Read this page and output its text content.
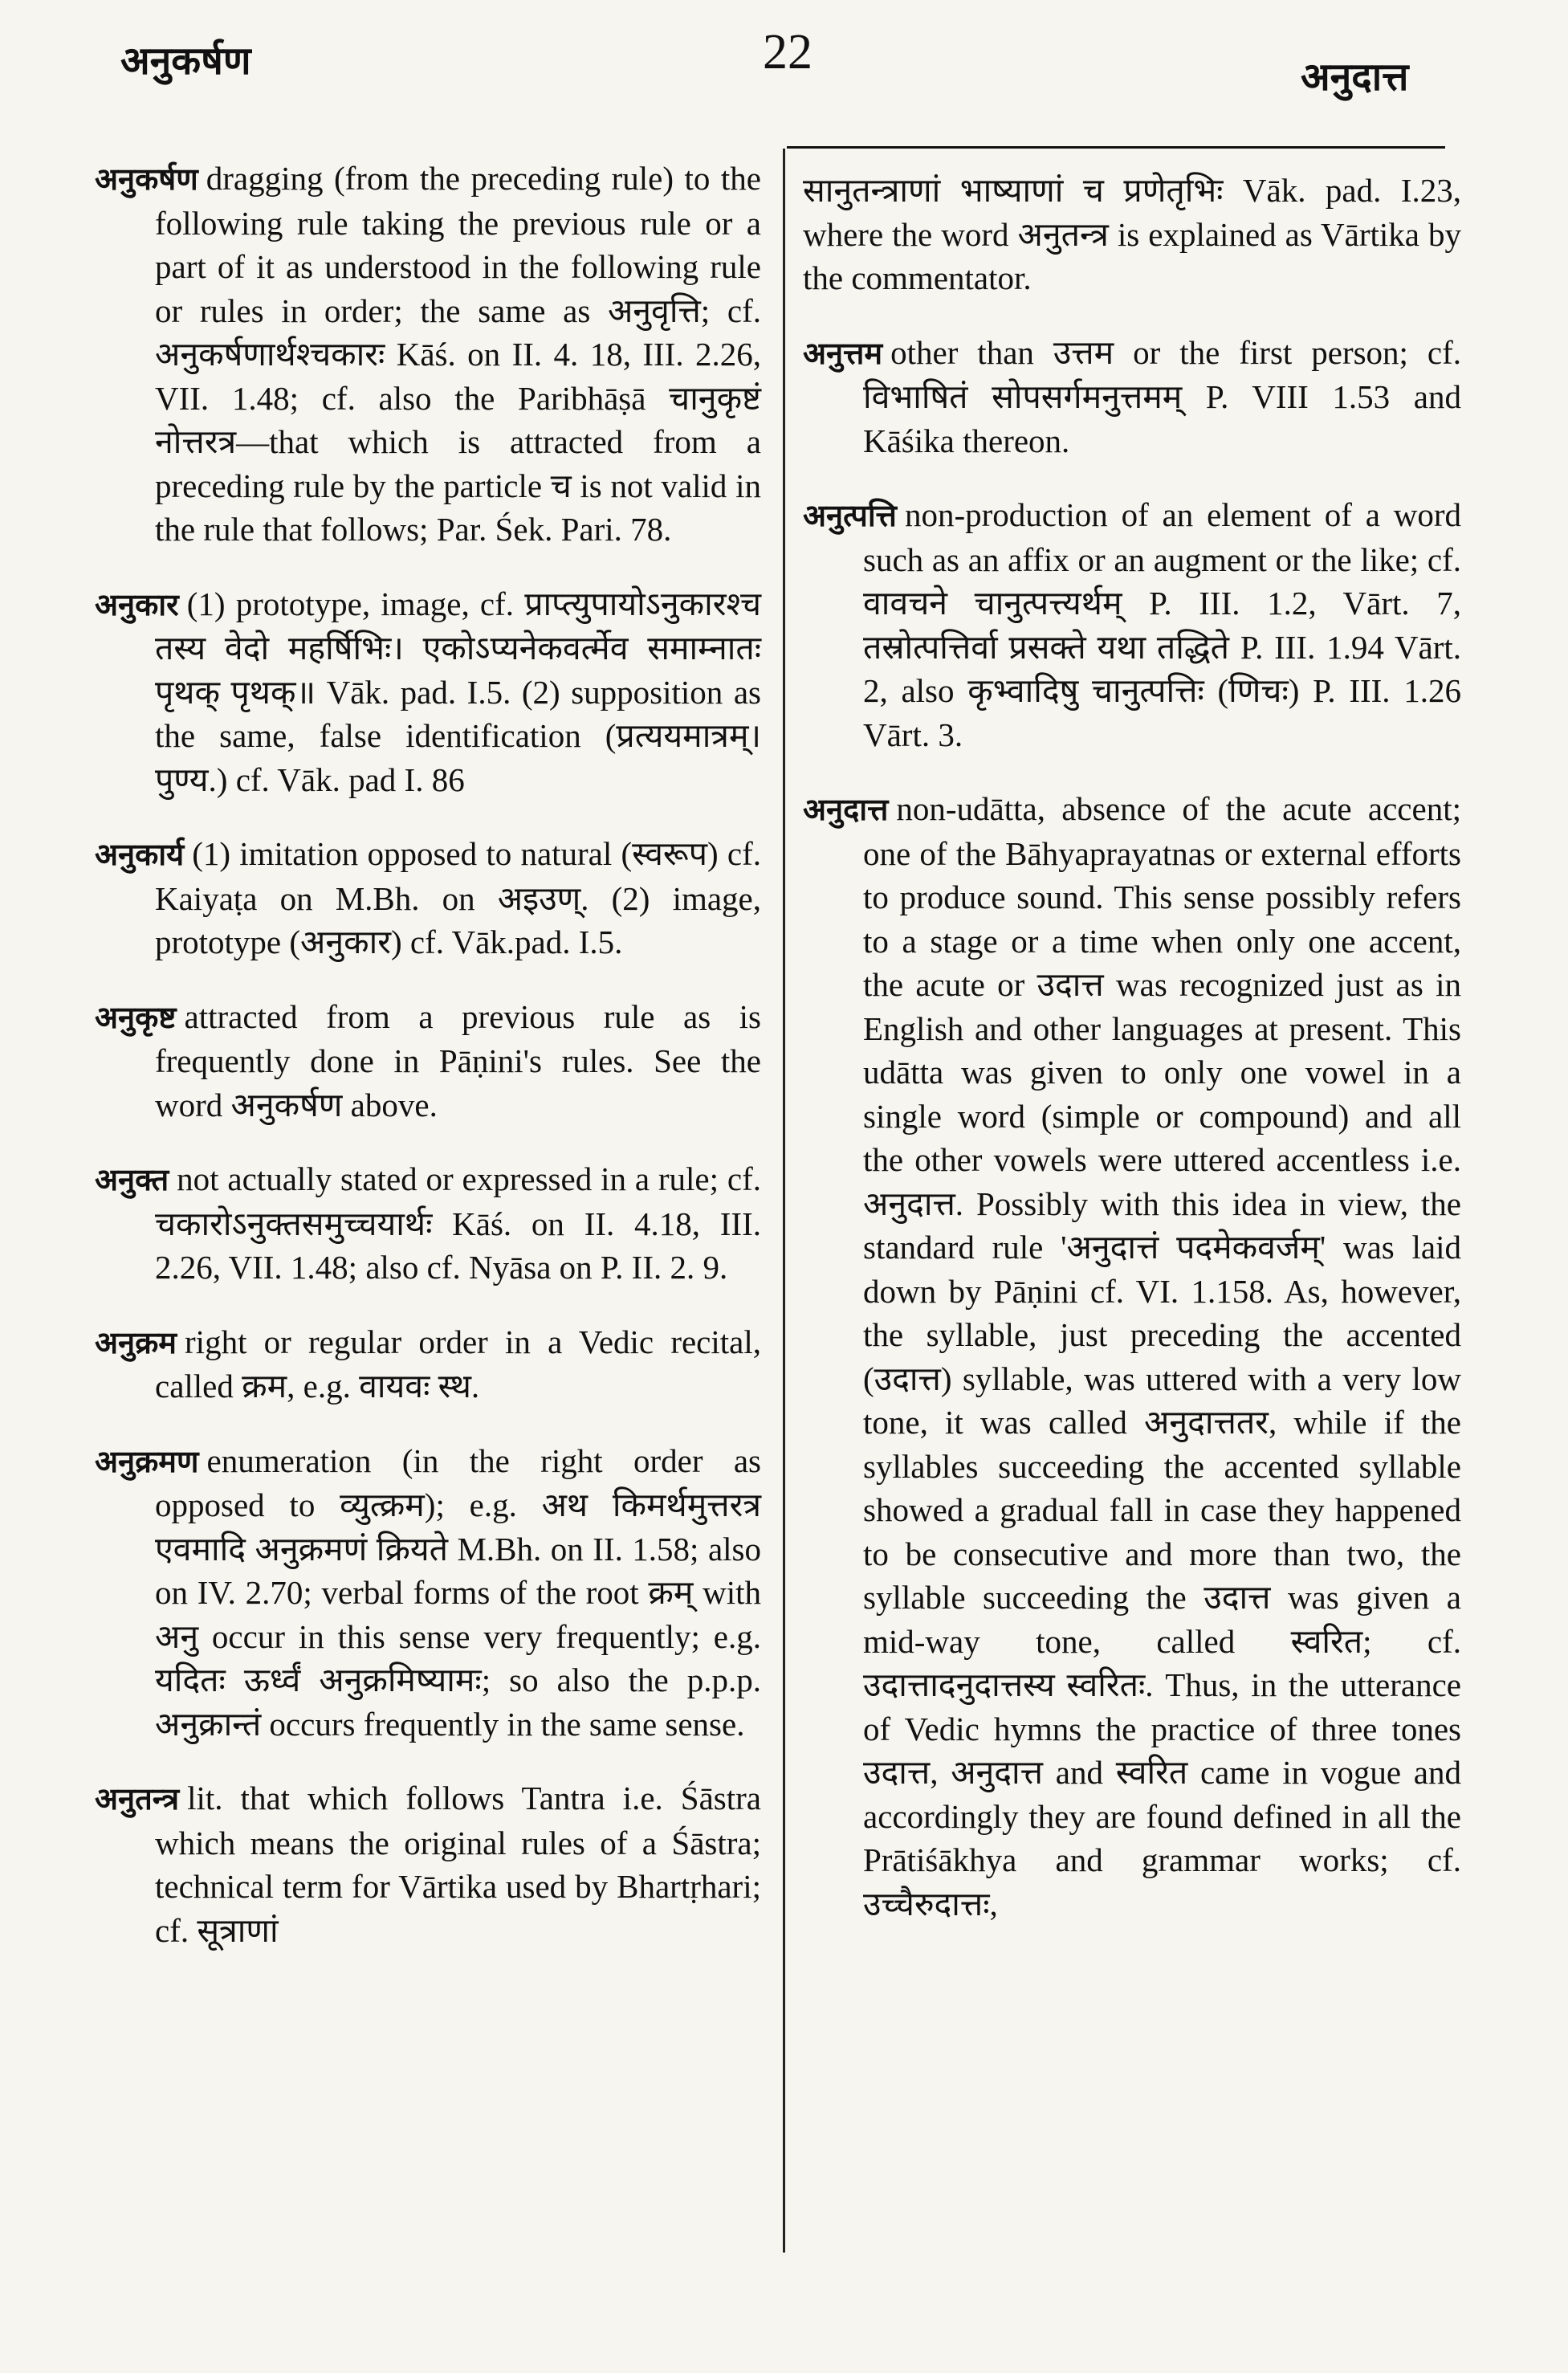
अनुकर्षण	22	अनुदात्त

अनुकर्षण dragging (from the preceding rule) to the following rule taking the previous rule or a part of it as understood in the following rule or rules in order; the same as अनुवृत्ति; cf. अनुकर्षणार्थश्चकारः Kāś. on II. 4. 18, III. 2.26, VII. 1.48; cf. also the Paribhāṣā चानुकृष्टं नोत्तरत्र—that which is attracted from a preceding rule by the particle च is not valid in the rule that follows; Par. Śek. Pari. 78.

अनुकार (1) prototype, image, cf. प्राप्त्युपायोऽनुकारश्च तस्य वेदो महर्षिभिः। एकोऽप्यनेकवर्त्मेव समाम्नातः पृथक् पृथक्॥ Vāk. pad. I.5. (2) supposition as the same, false identification (प्रत्ययमात्रम्। पुण्य.) cf. Vāk. pad I. 86

अनुकार्य (1) imitation opposed to natural (स्वरूप) cf. Kaiyaṭa on M.Bh. on अइउण्. (2) image, prototype (अनुकार) cf. Vāk.pad. I.5.

अनुकृष्ट attracted from a previous rule as is frequently done in Pāṇini's rules. See the word अनुकर्षण above.

अनुक्त not actually stated or expressed in a rule; cf. चकारोऽनुक्तसमुच्चयार्थः Kāś. on II. 4.18, III. 2.26, VII. 1.48; also cf. Nyāsa on P. II. 2. 9.

अनुक्रम right or regular order in a Vedic recital, called क्रम, e.g. वायवः स्थ.

अनुक्रमण enumeration (in the right order as opposed to व्युत्क्रम); e.g. अथ किमर्थमुत्तरत्र एवमादि अनुक्रमणं क्रियते M.Bh. on II. 1.58; also on IV. 2.70; verbal forms of the root क्रम् with अनु occur in this sense very frequently; e.g. यदितः ऊर्ध्वं अनुक्रमिष्यामः; so also the p.p.p. अनुक्रान्तं occurs frequently in the same sense.

अनुतन्त्र lit. that which follows Tantra i.e. Śāstra which means the original rules of a Śāstra; technical term for Vārtika used by Bhartṛhari; cf. सूत्राणां

सानुतन्त्राणां भाष्याणां च प्रणेतृभिः Vāk. pad. I.23, where the word अनुतन्त्र is explained as Vārtika by the commentator.

अनुत्तम other than उत्तम or the first person; cf. विभाषितं सोपसर्गमनुत्तमम् P. VIII 1.53 and Kāśika thereon.

अनुत्पत्ति non-production of an element of a word such as an affix or an augment or the like; cf. वावचने चानुत्पत्त्यर्थम् P. III. 1.2, Vārt. 7, तस्रोत्पत्तिर्वा प्रसक्ते यथा तद्धिते P. III. 1.94 Vārt. 2, also कृभ्वादिषु चानुत्पत्तिः (णिचः) P. III. 1.26 Vārt. 3.

अनुदात्त non-udātta, absence of the acute accent; one of the Bāhyaprayatnas or external efforts to produce sound. This sense possibly refers to a stage or a time when only one accent, the acute or उदात्त was recognized just as in English and other languages at present. This udātta was given to only one vowel in a single word (simple or compound) and all the other vowels were uttered accentless i.e. अनुदात्त. Possibly with this idea in view, the standard rule 'अनुदात्तं पदमेकवर्जम्' was laid down by Pāṇini cf. VI. 1.158. As, however, the syllable, just preceding the accented (उदात्त) syllable, was uttered with a very low tone, it was called अनुदात्ततर, while if the syllables succeeding the accented syllable showed a gradual fall in case they happened to be consecutive and more than two, the syllable succeeding the उदात्त was given a mid-way tone, called स्वरित; cf. उदात्तादनुदात्तस्य स्वरितः. Thus, in the utterance of Vedic hymns the practice of three tones उदात्त, अनुदात्त and स्वरित came in vogue and accordingly they are found defined in all the Prātiśākhya and grammar works; cf. उच्चैरुदात्तः,
